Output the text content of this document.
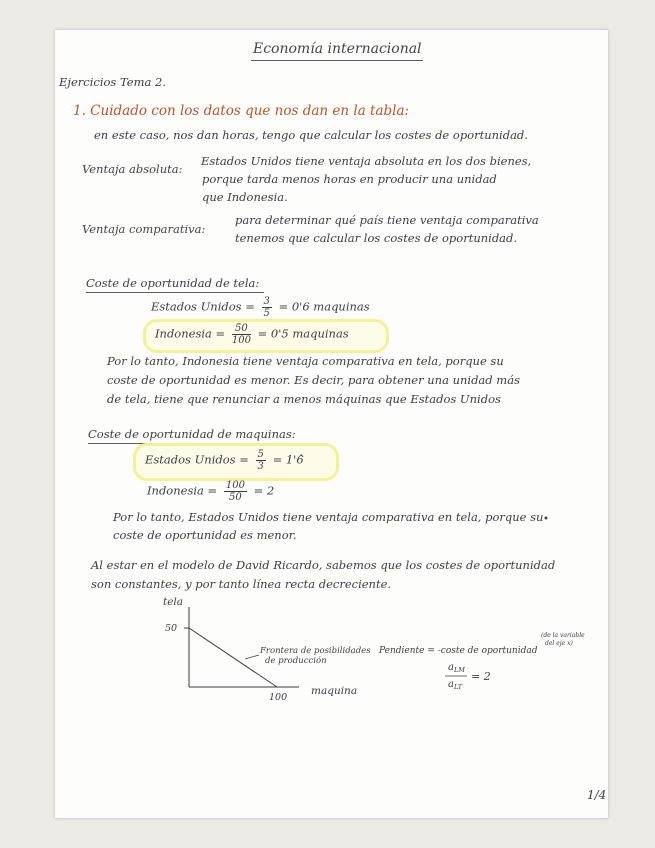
Economía internacional
Ejercicios Tema 2.
1. Cuidado con los datos que nos dan en la tabla:
en este caso, nos dan horas, tengo que calcular los costes de oportunidad.
Ventaja absoluta:
Estados Unidos tiene ventaja absoluta en los dos bienes,
porque tarda menos horas en producir una unidad
que Indonesia.
Ventaja comparativa:
para determinar qué país tiene ventaja comparativa
tenemos que calcular los costes de oportunidad.
Coste de oportunidad de tela:
Estados Unidos = $\frac{3}{5} = 0'6$ maquinas
Indonesia = $\frac{50}{100} = 0'5$ maquinas
Por lo tanto, Indonesia tiene ventaja comparativa en tela, porque su
coste de oportunidad es menor. Es decir, para obtener una unidad más
de tela, tiene que renunciar a menos máquinas que Estados Unidos
Coste de oportunidad de maquinas:
Estados Unidos = $\frac{5}{3}$ = 1'6̂
Indonesia = $\frac{100}{50} = 2$
Por lo tanto, Estados Unidos tiene ventaja comparativa en tela, porque su
coste de oportunidad es menor.
•
Al estar en el modelo de David Ricardo, sabemos que los costes de oportunidad
son constantes, y por tanto línea recta decreciente.
tela
50
100
maquina
Frontera de posibilidades
de producción
Pendiente = -coste de oportunidad
(de la variable
del eje x)
$a_{LM}$
$a_{LT}$
= 2
1/4
